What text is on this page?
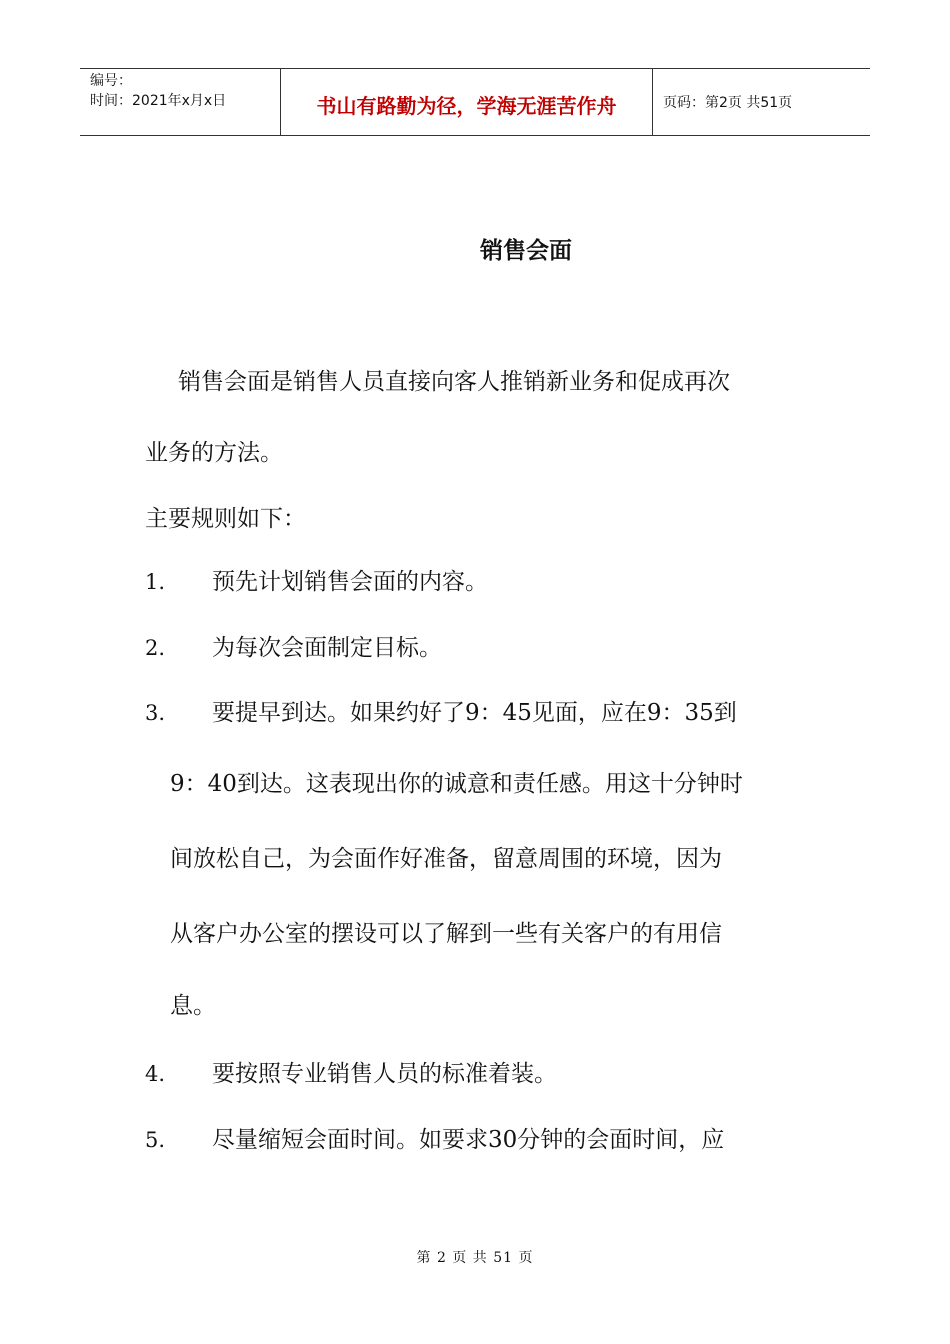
编号：
时间：2021年x月x日	书山有路勤为径，学海无涯苦作舟	页码：第2页 共51页
销售会面
销售会面是销售人员直接向客人推销新业务和促成再次
业务的方法。
主要规则如下：
1. 预先计划销售会面的内容。
2. 为每次会面制定目标。
3. 要提早到达。如果约好了9：45见面，应在9：35到
9：40到达。这表现出你的诚意和责任感。用这十分钟时
间放松自己，为会面作好准备，留意周围的环境，因为
从客户办公室的摆设可以了解到一些有关客户的有用信
息。
4. 要按照专业销售人员的标准着装。
5. 尽量缩短会面时间。如要求30分钟的会面时间，应
第 2 页 共 51 页
